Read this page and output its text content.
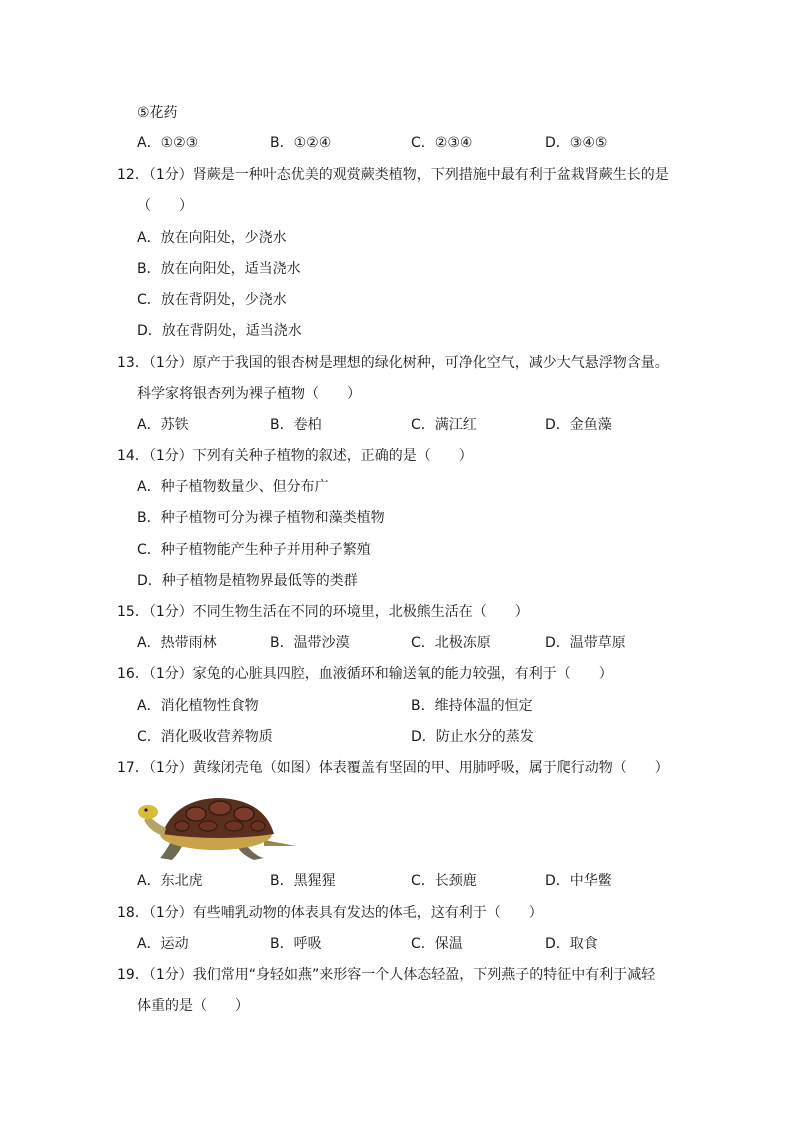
⑤花药
A．①②③	B．①②④	C．②③④	D．③④⑤
12．（1分）肾蕨是一种叶态优美的观赏蕨类植物，下列措施中最有利于盆栽肾蕨生长的是
（　　）
A．放在向阳处，少浇水
B．放在向阳处，适当浇水
C．放在背阴处，少浇水
D．放在背阴处，适当浇水
13．（1分）原产于我国的银杏树是理想的绿化树种，可净化空气，减少大气悬浮物含量。
科学家将银杏列为裸子植物（　　）
A．苏铁	B．卷柏	C．满江红	D．金鱼藻
14．（1分）下列有关种子植物的叙述，正确的是（　　）
A．种子植物数量少、但分布广
B．种子植物可分为裸子植物和藻类植物
C．种子植物能产生种子并用种子繁殖
D．种子植物是植物界最低等的类群
15．（1分）不同生物生活在不同的环境里，北极熊生活在（　　）
A．热带雨林	B．温带沙漠	C．北极冻原	D．温带草原
16．（1分）家兔的心脏具四腔，血液循环和输送氧的能力较强，有利于（　　）
A．消化植物性食物	B．维持体温的恒定
C．消化吸收营养物质	D．防止水分的蒸发
17．（1分）黄缘闭壳龟（如图）体表覆盖有坚固的甲、用肺呼吸，属于爬行动物（　　）
A．东北虎	B．黑猩猩	C．长颈鹿	D．中华鳖
18．（1分）有些哺乳动物的体表具有发达的体毛，这有利于（　　）
A．运动	B．呼吸	C．保温	D．取食
19．（1分）我们常用“身轻如燕”来形容一个人体态轻盈，下列燕子的特征中有利于减轻
体重的是（　　）
